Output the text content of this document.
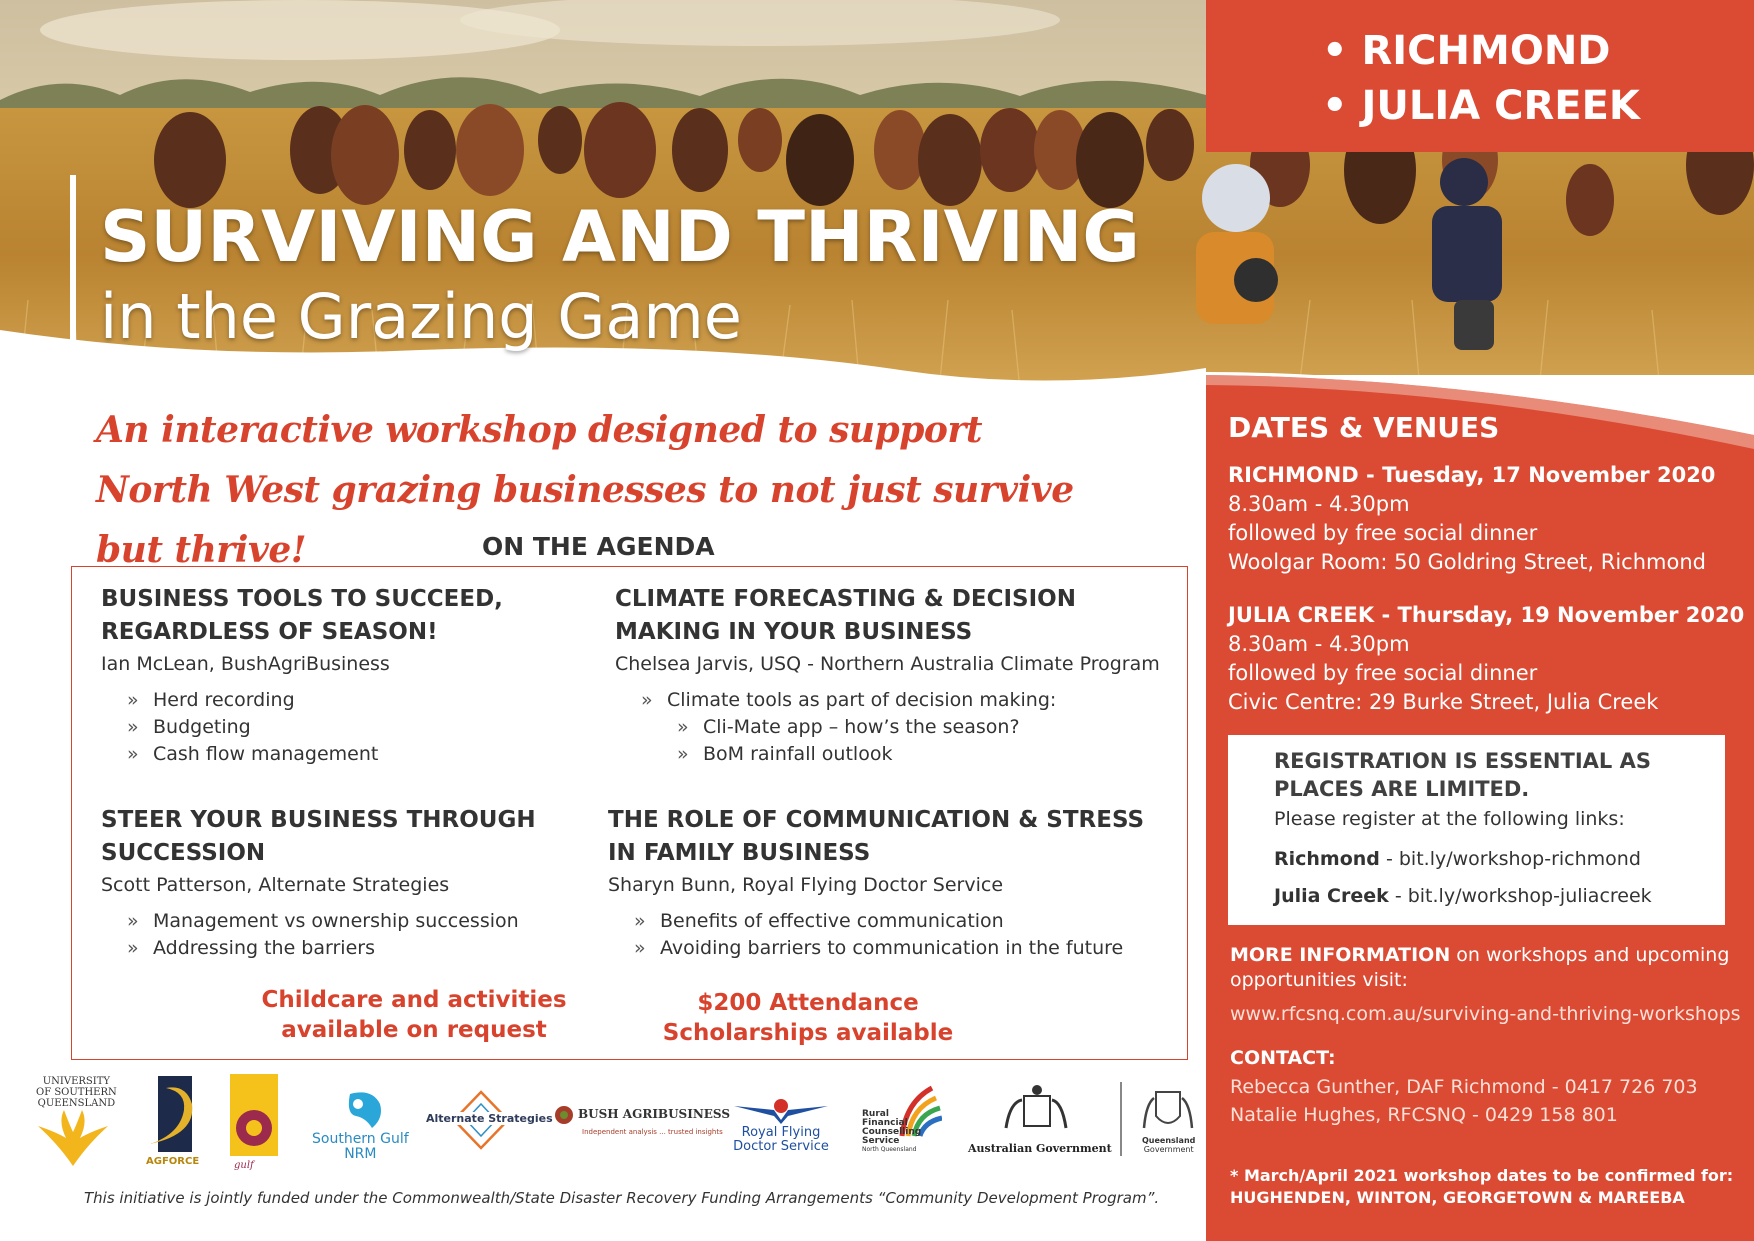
SURVIVING AND THRIVING
in the Grazing Game
• RICHMOND
• JULIA CREEK
DATES & VENUES
RICHMOND - Tuesday, 17 November 2020
8.30am - 4.30pm
followed by free social dinner
Woolgar Room: 50 Goldring Street, Richmond
JULIA CREEK - Thursday, 19 November 2020
8.30am - 4.30pm
followed by free social dinner
Civic Centre: 29 Burke Street, Julia Creek
REGISTRATION IS ESSENTIAL AS PLACES ARE LIMITED.
Please register at the following links:
Richmond - bit.ly/workshop-richmond
Julia Creek - bit.ly/workshop-juliacreek
MORE INFORMATION on workshops and upcoming opportunities visit:
www.rfcsnq.com.au/surviving-and-thriving-workshops
CONTACT:
Rebecca Gunther, DAF Richmond - 0417 726 703
Natalie Hughes, RFCSNQ - 0429 158 801
* March/April 2021 workshop dates to be confirmed for:
HUGHENDEN, WINTON, GEORGETOWN & MAREEBA
An interactive workshop designed to support North West grazing businesses to not just survive but thrive!	ON THE AGENDA
BUSINESS TOOLS TO SUCCEED, REGARDLESS OF SEASON!
Ian McLean, BushAgriBusiness
» Herd recording
» Budgeting
» Cash flow management
CLIMATE FORECASTING & DECISION MAKING IN YOUR BUSINESS
Chelsea Jarvis, USQ - Northern Australia Climate Program
» Climate tools as part of decision making:
» Cli-Mate app – how’s the season?
» BoM rainfall outlook
STEER YOUR BUSINESS THROUGH SUCCESSION
Scott Patterson, Alternate Strategies
» Management vs ownership succession
» Addressing the barriers
THE ROLE OF COMMUNICATION & STRESS IN FAMILY BUSINESS
Sharyn Bunn, Royal Flying Doctor Service
» Benefits of effective communication
» Avoiding barriers to communication in the future
Childcare and activities
available on request
$200 Attendance
Scholarships available
UNIVERSITY
OF SOUTHERN
QUEENSLAND
AGFORCE	gulf
Southern Gulf
NRM
Alternate Strategies BUSH AGRIBUSINESS
Independent analysis ... trusted insights	Royal Flying
Doctor Service
Rural
Financial
Counselling
Service
North Queensland	Australian Government
Queensland
Government
This initiative is jointly funded under the Commonwealth/State Disaster Recovery Funding Arrangements “Community Development Program”.
